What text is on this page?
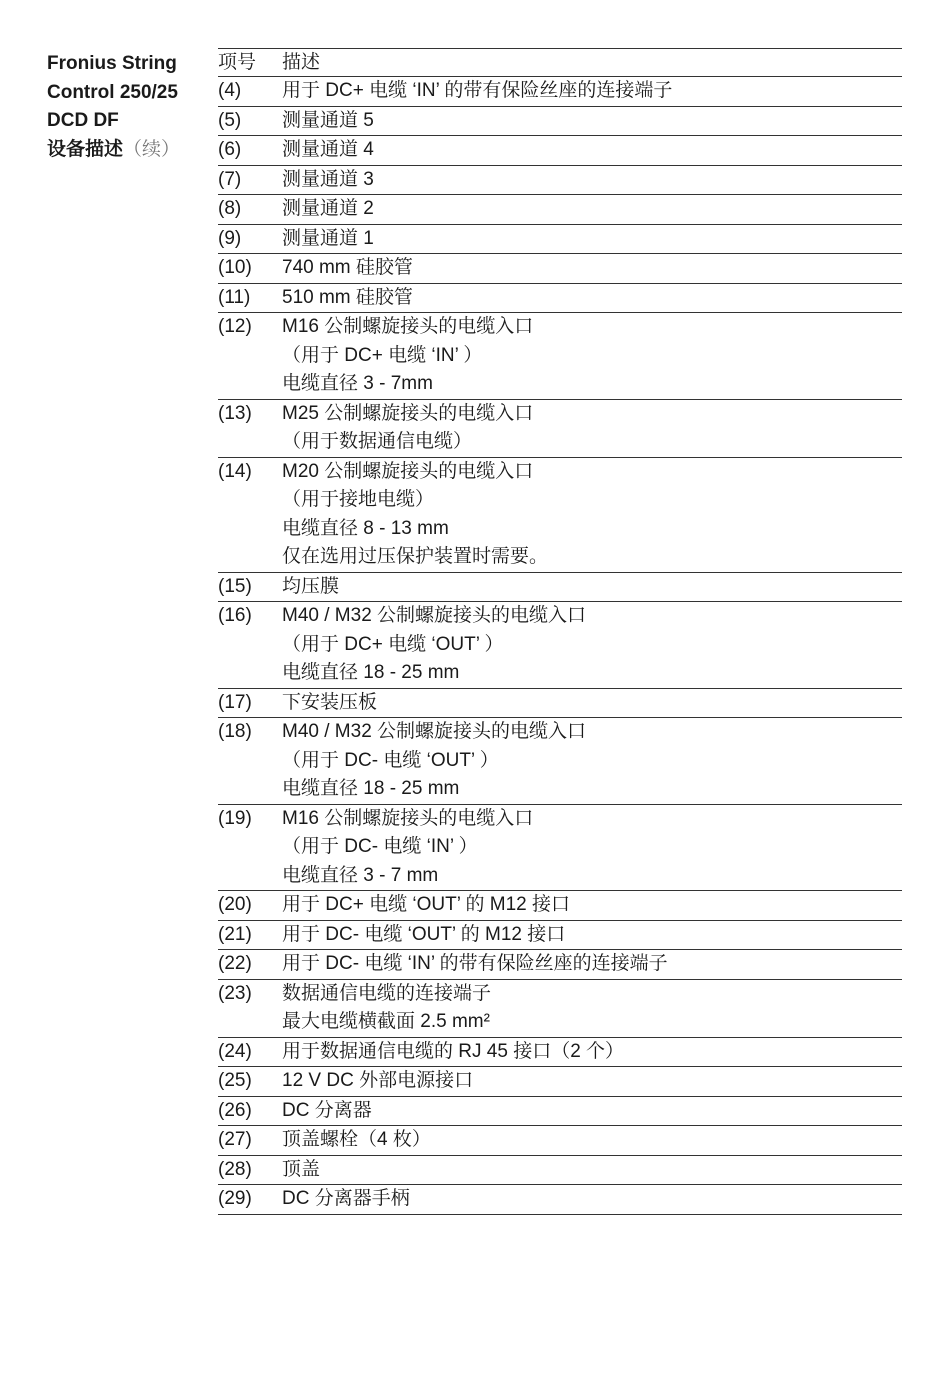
Fronius String
Control 250/25
DCD DF
设备描述（续）
项号	描述
(4)	用于 DC+ 电缆 ‘IN’ 的带有保险丝座的连接端子

(5)	测量通道 5

(6)	测量通道 4

(7)	测量通道 3

(8)	测量通道 2

(9)	测量通道 1

(10)	740 mm 硅胶管

(11)	510 mm 硅胶管

(12)	M16 公制螺旋接头的电缆入口
（用于 DC+ 电缆 ‘IN’ ）
电缆直径 3 - 7mm

(13)	M25 公制螺旋接头的电缆入口
（用于数据通信电缆）

(14)	M20 公制螺旋接头的电缆入口
（用于接地电缆）
电缆直径 8 - 13 mm
仅在选用过压保护装置时需要。

(15)	均压膜

(16)	M40 / M32 公制螺旋接头的电缆入口
（用于 DC+ 电缆 ‘OUT’ ）
电缆直径 18 - 25 mm

(17)	下安装压板

(18)	M40 / M32 公制螺旋接头的电缆入口
（用于 DC- 电缆 ‘OUT’ ）
电缆直径 18 - 25 mm

(19)	M16 公制螺旋接头的电缆入口
（用于 DC- 电缆 ‘IN’ ）
电缆直径 3 - 7 mm

(20)	用于 DC+ 电缆 ‘OUT’ 的 M12 接口

(21)	用于 DC- 电缆 ‘OUT’ 的 M12 接口

(22)	用于 DC- 电缆 ‘IN’ 的带有保险丝座的连接端子

(23)	数据通信电缆的连接端子
最大电缆横截面 2.5 mm²

(24)	用于数据通信电缆的 RJ 45 接口（2 个）

(25)	12 V DC 外部电源接口

(26)	DC 分离器

(27)	顶盖螺栓（4 枚）

(28)	顶盖

(29)	DC 分离器手柄
